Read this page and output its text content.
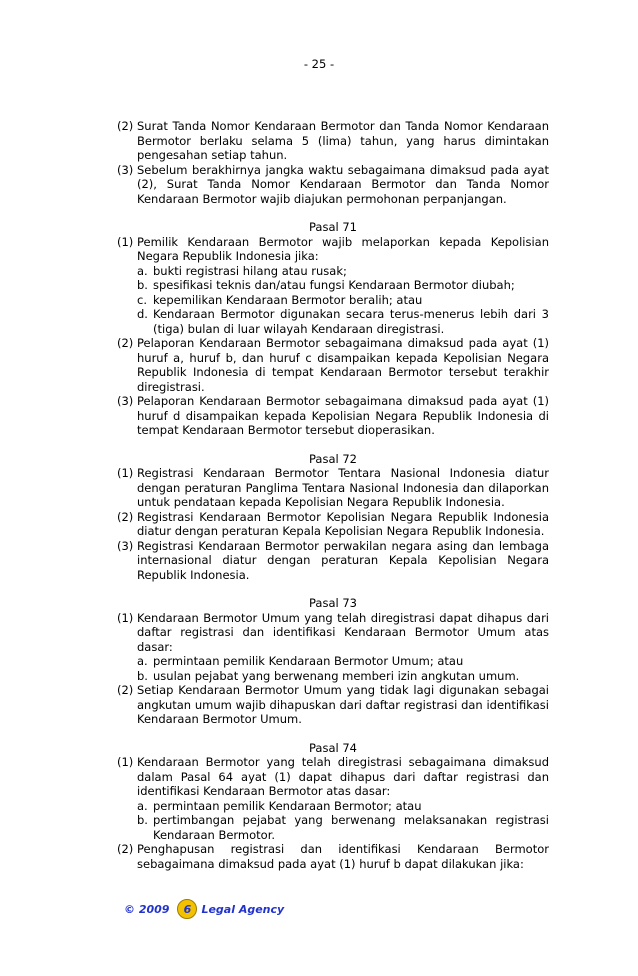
- 25 -
(2) Surat Tanda Nomor Kendaraan Bermotor dan Tanda Nomor Kendaraan Bermotor berlaku selama 5 (lima) tahun, yang harus dimintakan pengesahan setiap tahun.
(3) Sebelum berakhirnya jangka waktu sebagaimana dimaksud pada ayat (2), Surat Tanda Nomor Kendaraan Bermotor dan Tanda Nomor Kendaraan Bermotor wajib diajukan permohonan perpanjangan.
Pasal 71
(1) Pemilik Kendaraan Bermotor wajib melaporkan kepada Kepolisian Negara Republik Indonesia jika:
a. bukti registrasi hilang atau rusak;
b. spesifikasi teknis dan/atau fungsi Kendaraan Bermotor diubah;
c. kepemilikan Kendaraan Bermotor beralih; atau
d. Kendaraan Bermotor digunakan secara terus-menerus lebih dari 3 (tiga) bulan di luar wilayah Kendaraan diregistrasi.
(2) Pelaporan Kendaraan Bermotor sebagaimana dimaksud pada ayat (1) huruf a, huruf b, dan huruf c disampaikan kepada Kepolisian Negara Republik Indonesia di tempat Kendaraan Bermotor tersebut terakhir diregistrasi.
(3) Pelaporan Kendaraan Bermotor sebagaimana dimaksud pada ayat (1) huruf d disampaikan kepada Kepolisian Negara Republik Indonesia di tempat Kendaraan Bermotor tersebut dioperasikan.
Pasal 72
(1) Registrasi Kendaraan Bermotor Tentara Nasional Indonesia diatur dengan peraturan Panglima Tentara Nasional Indonesia dan dilaporkan untuk pendataan kepada Kepolisian Negara Republik Indonesia.
(2) Registrasi Kendaraan Bermotor Kepolisian Negara Republik Indonesia diatur dengan peraturan Kepala Kepolisian Negara Republik Indonesia.
(3) Registrasi Kendaraan Bermotor perwakilan negara asing dan lembaga internasional diatur dengan peraturan Kepala Kepolisian Negara Republik Indonesia.
Pasal 73
(1) Kendaraan Bermotor Umum yang telah diregistrasi dapat dihapus dari daftar registrasi dan identifikasi Kendaraan Bermotor Umum atas dasar:
a. permintaan pemilik Kendaraan Bermotor Umum; atau
b. usulan pejabat yang berwenang memberi izin angkutan umum.
(2) Setiap Kendaraan Bermotor Umum yang tidak lagi digunakan sebagai angkutan umum wajib dihapuskan dari daftar registrasi dan identifikasi Kendaraan Bermotor Umum.
Pasal 74
(1) Kendaraan Bermotor yang telah diregistrasi sebagaimana dimaksud dalam Pasal 64 ayat (1) dapat dihapus dari daftar registrasi dan identifikasi Kendaraan Bermotor atas dasar:
a. permintaan pemilik Kendaraan Bermotor; atau
b. pertimbangan pejabat yang berwenang melaksanakan registrasi Kendaraan Bermotor.
(2) Penghapusan registrasi dan identifikasi Kendaraan Bermotor sebagaimana dimaksud pada ayat (1) huruf b dapat dilakukan jika:
© 2009 6 Legal Agency
